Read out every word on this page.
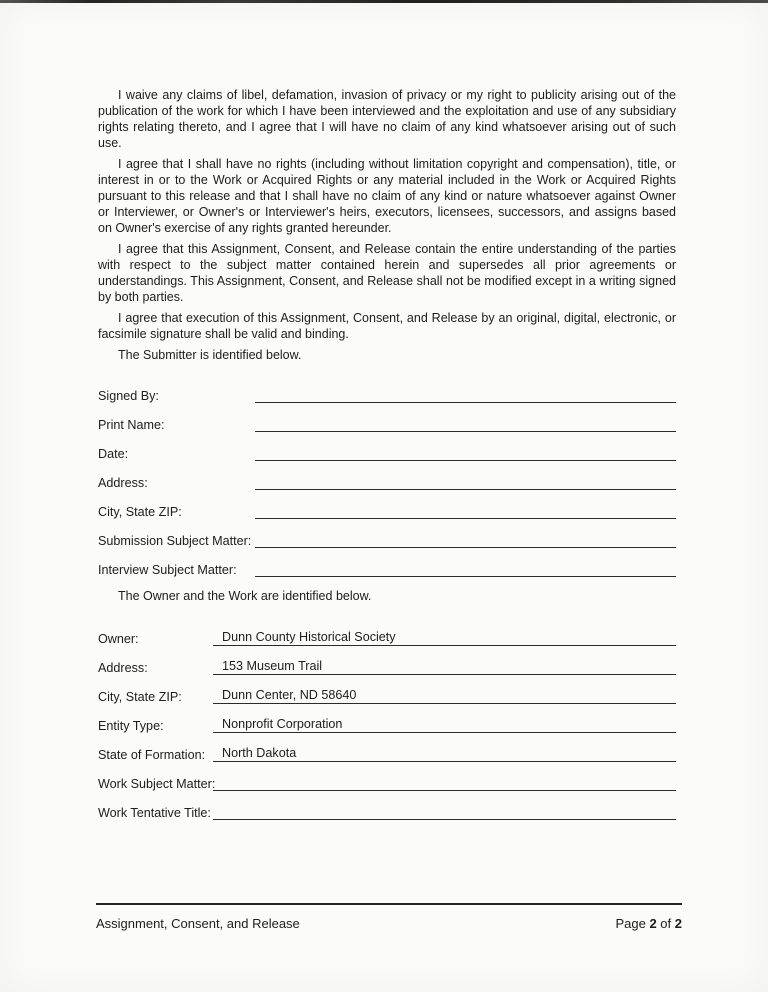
I waive any claims of libel, defamation, invasion of privacy or my right to publicity arising out of the publication of the work for which I have been interviewed and the exploitation and use of any subsidiary rights relating thereto, and I agree that I will have no claim of any kind whatsoever arising out of such use.

I agree that I shall have no rights (including without limitation copyright and compensation), title, or interest in or to the Work or Acquired Rights or any material included in the Work or Acquired Rights pursuant to this release and that I shall have no claim of any kind or nature whatsoever against Owner or Interviewer, or Owner's or Interviewer's heirs, executors, licensees, successors, and assigns based on Owner's exercise of any rights granted hereunder.

I agree that this Assignment, Consent, and Release contain the entire understanding of the parties with respect to the subject matter contained herein and supersedes all prior agreements or understandings. This Assignment, Consent, and Release shall not be modified except in a writing signed by both parties.

I agree that execution of this Assignment, Consent, and Release by an original, digital, electronic, or facsimile signature shall be valid and binding.

The Submitter is identified below.

Signed By:
Print Name:
Date:
Address:
City, State ZIP:
Submission Subject Matter:
Interview Subject Matter:

The Owner and the Work are identified below.

Owner:	Dunn County Historical Society
Address:	153 Museum Trail
City, State ZIP:	Dunn Center, ND 58640
Entity Type:	Nonprofit Corporation
State of Formation:	North Dakota
Work Subject Matter:
Work Tentative Title:
Assignment, Consent, and Release	Page 2 of 2
